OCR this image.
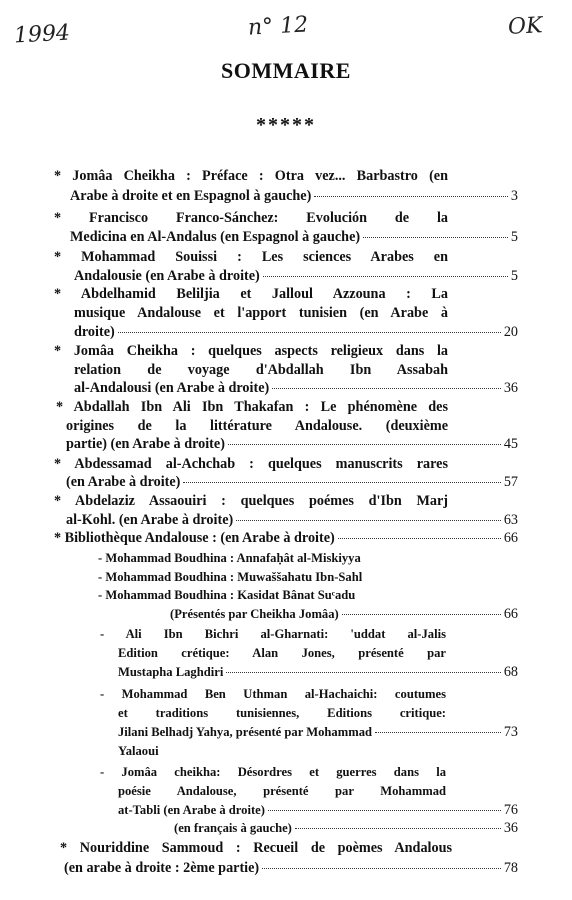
1994	n° 12	OK
SOMMAIRE
*****
* Jomâa Cheikha : Préface : Otra vez... Barbastro (en
Arabe à droite et en Espagnol à gauche)	3
* Francisco Franco-Sánchez: Evolución de la
Medicina en Al-Andalus (en Espagnol à gauche)	5
* Mohammad Souissi : Les sciences Arabes en
Andalousie (en Arabe à droite)	5
* Abdelhamid Beliljia et Jalloul Azzouna : La
musique Andalouse et l'apport tunisien (en Arabe à
droite)	20
* Jomâa Cheikha : quelques aspects religieux dans la
relation de voyage d'Abdallah Ibn Assabah
al-Andalousi (en Arabe à droite)	36
* Abdallah Ibn Ali Ibn Thakafan : Le phénomène des
origines de la littérature Andalouse. (deuxième
partie) (en Arabe à droite)	45
* Abdessamad al-Achchab : quelques manuscrits rares
(en Arabe à droite)	57
* Abdelaziz Assaouiri : quelques poémes d'Ibn Marj
al-Kohl. (en Arabe à droite)	63
* Bibliothèque Andalouse : (en Arabe à droite)	66
- Mohammad Boudhina : Annafaḥât al-Miskiyya
- Mohammad Boudhina : Muwaššahatu Ibn-Sahl
- Mohammad Boudhina : Kasidat Bânat Suᶜadu
(Présentés par Cheikha Jomâa)	66
- Ali Ibn Bichri al-Gharnati: 'uddat al-Jalis
Edition crétique: Alan Jones, présenté par
Mustapha Laghdiri	68
- Mohammad Ben Uthman al-Hachaichi: coutumes
et traditions tunisiennes, Editions critique:
Jilani Belhadj Yahya, présenté par Mohammad	73
Yalaoui
- Jomâa cheikha: Désordres et guerres dans la
poésie Andalouse, présenté par Mohammad
at-Tabli (en Arabe à droite)	76
(en français à gauche)	36
* Nouriddine Sammoud : Recueil de poèmes Andalous
(en arabe à droite : 2ème partie)	78
